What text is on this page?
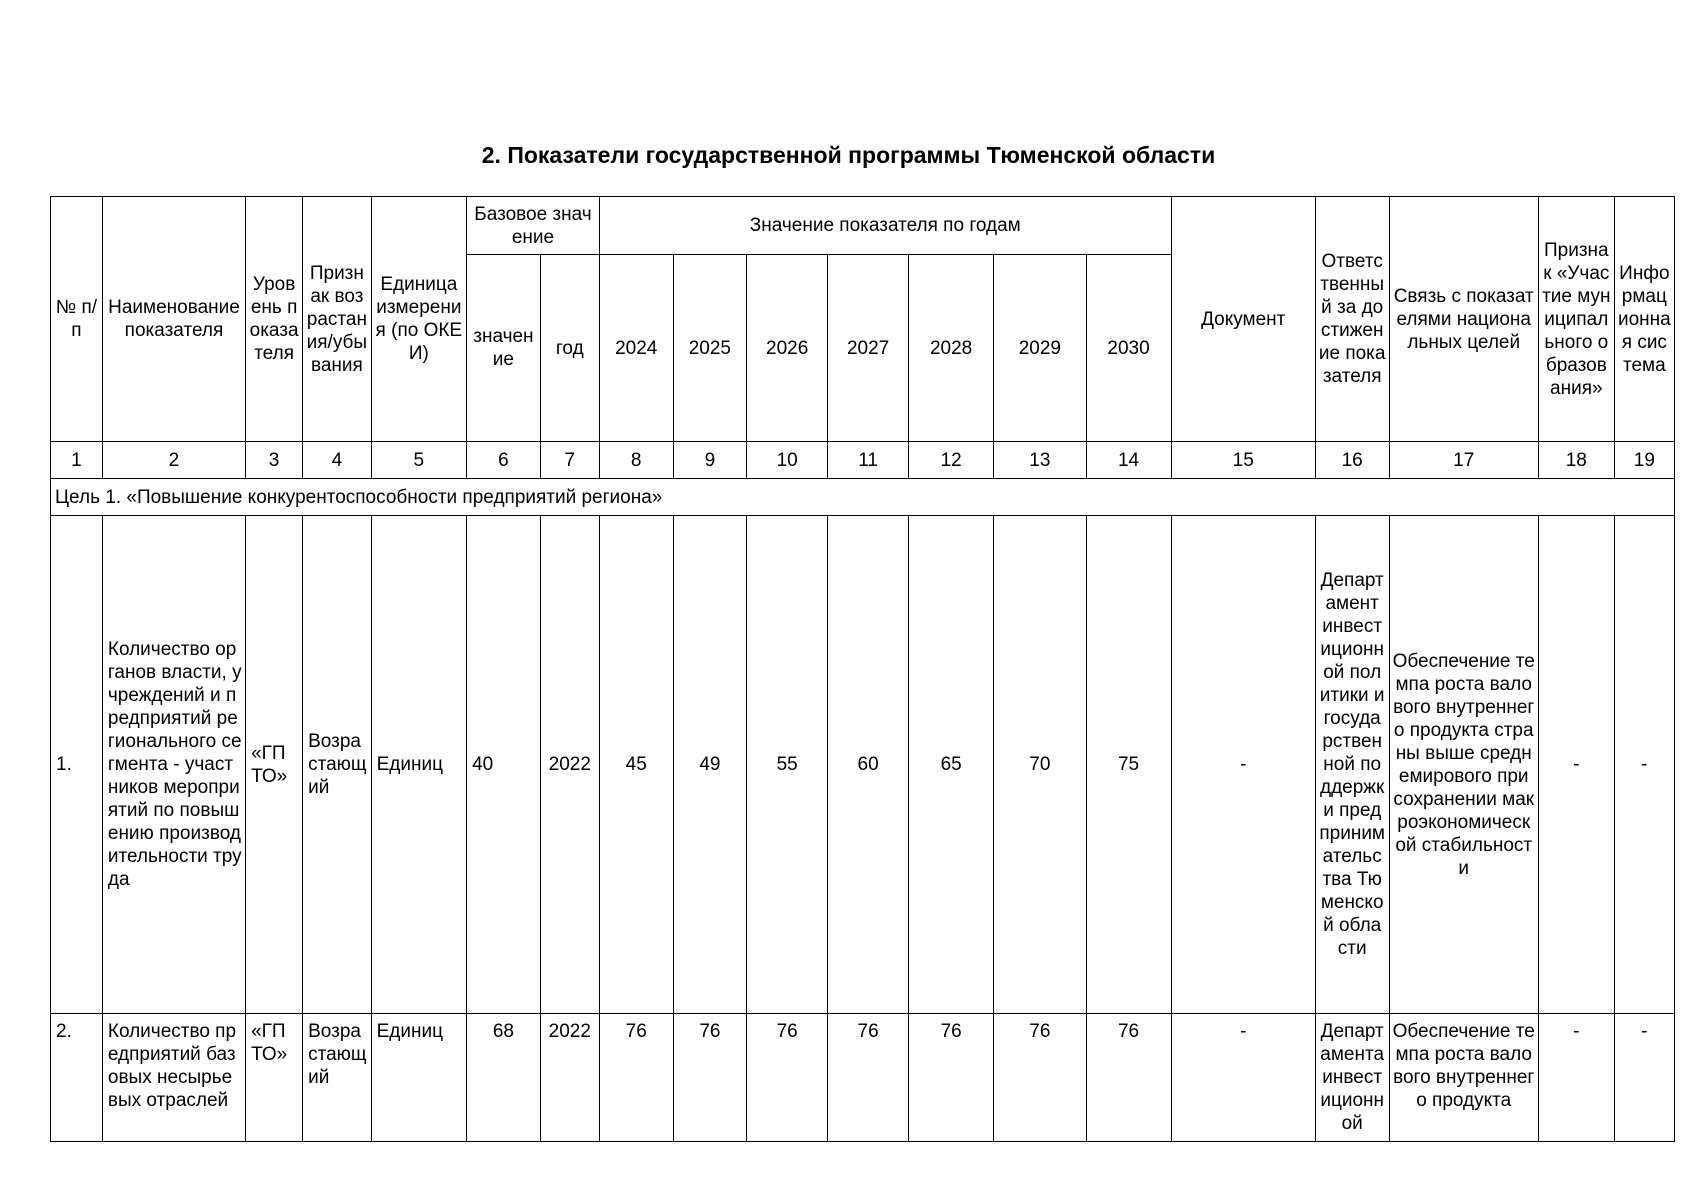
2. Показатели государственной программы Тюменской области
№ п/п	Наименование показателя	Уровень показателя	Признак возрастания/убывания	Единица измерения (по ОКЕИ)	Базовое значение		Значение показателя по годам							Документ	Ответственный за достижение показателя	Связь с показателями национальных целей	Признак «Участие муниципального образования»	Информационная система
					значение	год	2024	2025	2026	2027	2028	2029	2030					
1	2	3	4	5	6	7	8	9	10	11	12	13	14	15	16	17	18	19
Цель 1. «Повышение конкурентоспособности предприятий региона»																		
1.	Количество органов власти, учреждений и предприятий регионального сегмента - участников мероприятий по повышению производительности труда	«ГП ТО»	Возрастающий	Единиц	40	2022	45	49	55	60	65	70	75	-	Департамент инвестиционной политики и государственной поддержки предпринимательства Тюменской области	Обеспечение темпа роста валового внутреннего продукта страны выше среднемирового при сохранении макроэкономической стабильности	-	-
2.	Количество предприятий базовых несырьевых отраслей	«ГП ТО»	Возрастающий	Единиц	68	2022	76	76	76	76	76	76	76	-	Департамента инвестиционной	Обеспечение темпа роста валового внутреннего продукта	-	-
